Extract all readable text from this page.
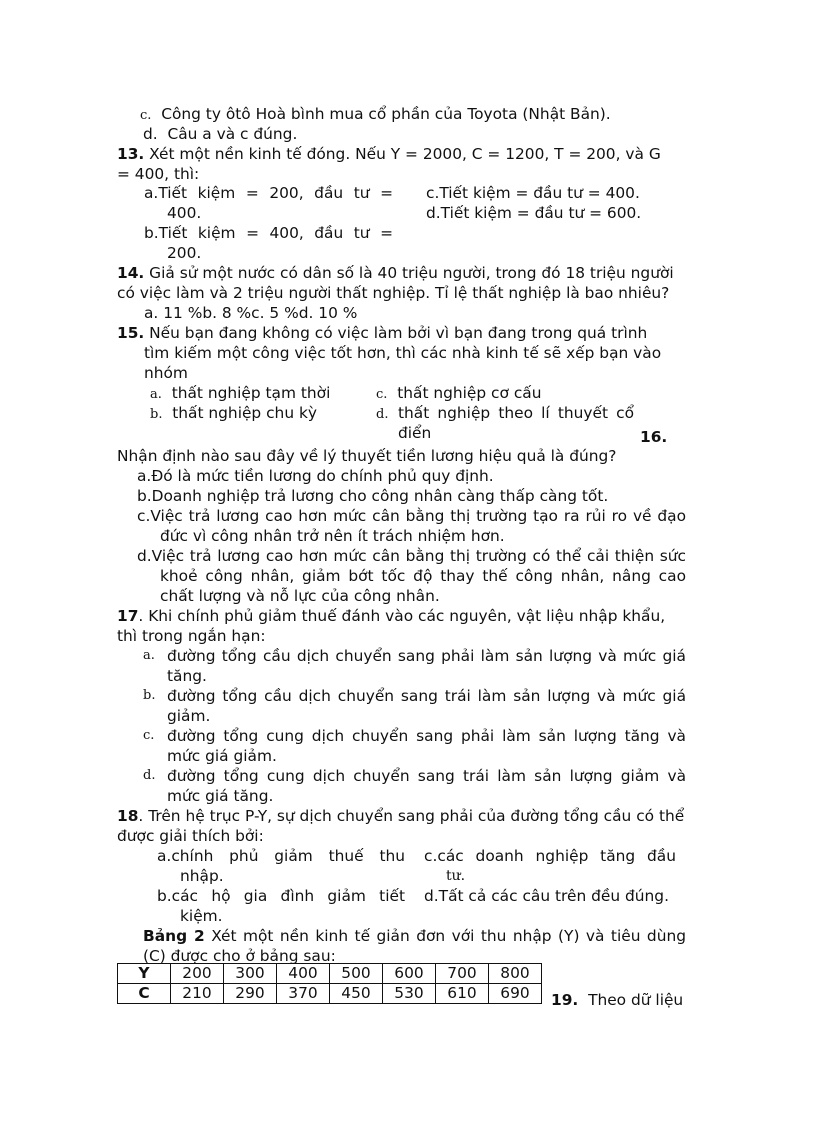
c. Công ty ôtô Hoà bình mua cổ phần của Toyota (Nhật Bản).
d. Câu a và c đúng.
13. Xét một nền kinh tế đóng. Nếu Y = 2000, C = 1200, T = 200, và G
= 400, thì:
a.Tiết kiệm = 200, đầu tư =
400.
b.Tiết kiệm = 400, đầu tư =
200.
c.Tiết kiệm = đầu tư = 400.
d.Tiết kiệm = đầu tư = 600.
14. Giả sử một nước có dân số là 40 triệu người, trong đó 18 triệu người
có việc làm và 2 triệu người thất nghiệp. Tỉ lệ thất nghiệp là bao nhiêu?
a. 11 %b. 8 %c. 5 %d. 10 %
15. Nếu bạn đang không có việc làm bởi vì bạn đang trong quá trình
tìm kiếm một công việc tốt hơn, thì các nhà kinh tế sẽ xếp bạn vào
nhóm
a. thất nghiệp tạm thời
b. thất nghiệp chu kỳ
c. thất nghiệp cơ cấu
d. thất nghiệp theo lí thuyết cổ
điển	16.
Nhận định nào sau đây về lý thuyết tiền lương hiệu quả là đúng?
a.Đó là mức tiền lương do chính phủ quy định.
b.Doanh nghiệp trả lương cho công nhân càng thấp càng tốt.
c.Việc trả lương cao hơn mức cân bằng thị trường tạo ra rủi ro về đạo
đức vì công nhân trở nên ít trách nhiệm hơn.
d.Việc trả lương cao hơn mức cân bằng thị trường có thể cải thiện sức
khoẻ công nhân, giảm bớt tốc độ thay thế công nhân, nâng cao
chất lượng và nỗ lực của công nhân.
17. Khi chính phủ giảm thuế đánh vào các nguyên, vật liệu nhập khẩu,
thì trong ngắn hạn:
a. đường tổng cầu dịch chuyển sang phải làm sản lượng và mức giá
tăng.
b. đường tổng cầu dịch chuyển sang trái làm sản lượng và mức giá
giảm.
c. đường tổng cung dịch chuyển sang phải làm sản lượng tăng và
mức giá giảm.
d. đường tổng cung dịch chuyển sang trái làm sản lượng giảm và
mức giá tăng.
18. Trên hệ trục P-Y, sự dịch chuyển sang phải của đường tổng cầu có thể
được giải thích bởi:
a.chính phủ giảm thuế thu
nhập.
b.các hộ gia đình giảm tiết
kiệm.
c.các doanh nghiệp tăng đầu
tư.
d.Tất cả các câu trên đều đúng.
Bảng 2 Xét một nền kinh tế giản đơn với thu nhập (Y) và tiêu dùng
(C) được cho ở bảng sau:
Y	200	300	400	500	600	700	800
C	210	290	370	450	530	610	690 19. Theo dữ liệu
